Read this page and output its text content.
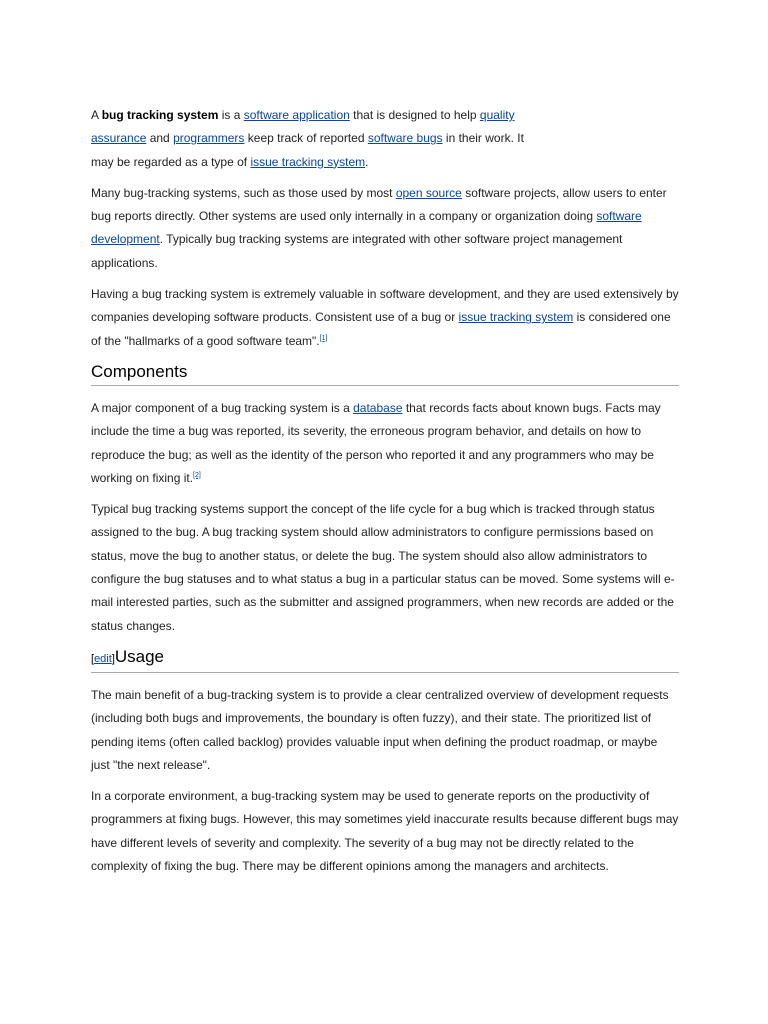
A bug tracking system is a software application that is designed to help quality assurance and programmers keep track of reported software bugs in their work. It may be regarded as a type of issue tracking system.

Many bug-tracking systems, such as those used by most open source software projects, allow users to enter bug reports directly. Other systems are used only internally in a company or organization doing software development. Typically bug tracking systems are integrated with other software project management applications.

Having a bug tracking system is extremely valuable in software development, and they are used extensively by companies developing software products. Consistent use of a bug or issue tracking system is considered one of the "hallmarks of a good software team".[1]

Components

A major component of a bug tracking system is a database that records facts about known bugs. Facts may include the time a bug was reported, its severity, the erroneous program behavior, and details on how to reproduce the bug; as well as the identity of the person who reported it and any programmers who may be working on fixing it.[2]

Typical bug tracking systems support the concept of the life cycle for a bug which is tracked through status assigned to the bug. A bug tracking system should allow administrators to configure permissions based on status, move the bug to another status, or delete the bug. The system should also allow administrators to configure the bug statuses and to what status a bug in a particular status can be moved. Some systems will e-mail interested parties, such as the submitter and assigned programmers, when new records are added or the status changes.

[edit]Usage

The main benefit of a bug-tracking system is to provide a clear centralized overview of development requests (including both bugs and improvements, the boundary is often fuzzy), and their state. The prioritized list of pending items (often called backlog) provides valuable input when defining the product roadmap, or maybe just "the next release".

In a corporate environment, a bug-tracking system may be used to generate reports on the productivity of programmers at fixing bugs. However, this may sometimes yield inaccurate results because different bugs may have different levels of severity and complexity. The severity of a bug may not be directly related to the complexity of fixing the bug. There may be different opinions among the managers and architects.
